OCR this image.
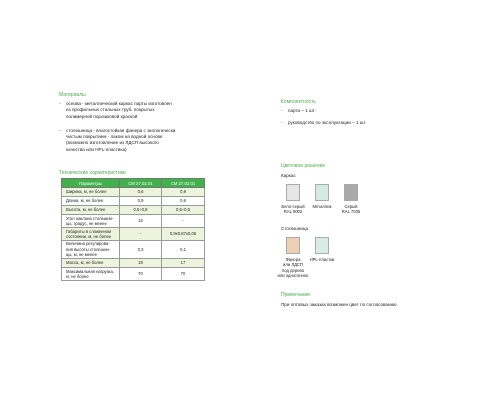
Материалы
- основа - металлический каркас парты изготовлен
из профильных стальных труб, покрытых
полимерной порошковой краской
- столешница - влагостойкая фанера с экологически
чистым покрытием - лаком на водной основе
(возможно изготовление из ЛДСП высокого
качества или HPL-пластика)
Технические характеристики
Параметры	СМ 27.02.01	СМ 27.02.01

Ширина, м, не более	0,6	0,9

Длина, м, не более	0,9	0,6

Высота, м, не более	0,5÷0,8	0,5÷0,6

Угол наклона столешни-
цы, градус, не менее	15	-

Габариты в сложенном
состоянии, м, не более	-	0,9х0,87х0,05

Величина регулирова-
ния высоты столешни-
цы, м, не менее	0,3	0,1

Масса, кг, не более	18	17

Максимальная нагрузка,
кг, не более	70	70
Комплектность
- парта – 1 шт.
- руководство по эксплуатации – 1 шт.
Цветовое решение
Каркас
Столешница
Бело-серый
RAL 9002
Металлик	Серый
RAL 7035
Фанера
или ЛДСП
под дерево
или однотонное
HPL-пластик
Примечание:
При оптовых заказах возможен цвет по согласованию.
